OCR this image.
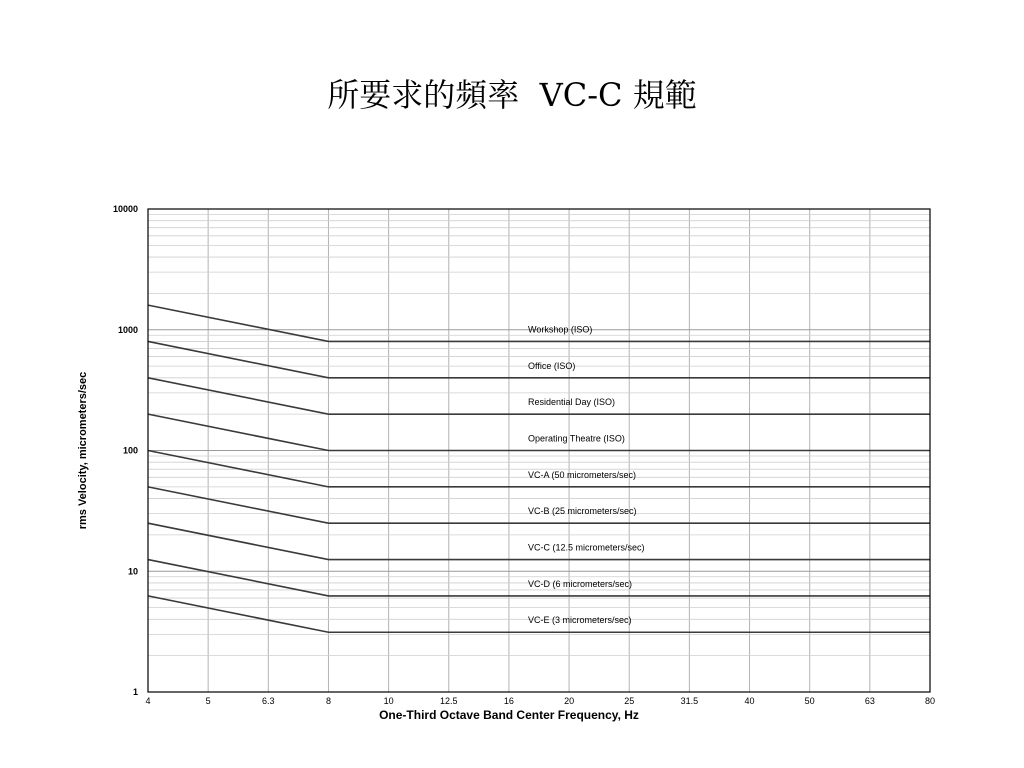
所要求的頻率  VC-C 規範
Workshop (ISO)
Office (ISO)
Residential Day (ISO)
Operating Theatre (ISO)
VC-A (50 micrometers/sec)
VC-B (25 micrometers/sec)
VC-C (12.5 micrometers/sec)
VC-D (6 micrometers/sec)
VC-E (3 micrometers/sec)
1
10
100
1000
10000
4	5	6.3	8	10	12.5	16	20	25	31.5	40	50	63	80
One-Third Octave Band Center Frequency, Hz
rms Velocity, micrometers/sec
